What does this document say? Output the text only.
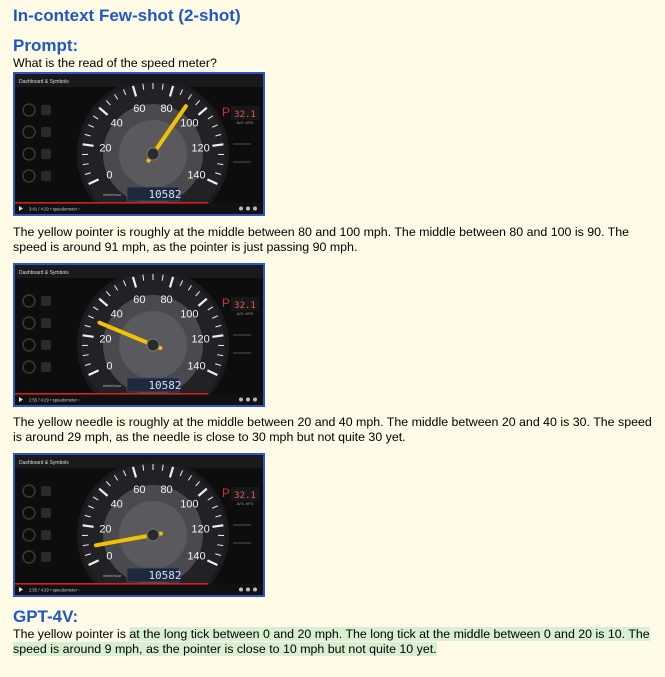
In-context Few-shot (2-shot)
Prompt:
What is the read of the speed meter?
Dashboard & Symbols
0
20
40
60 80
100
120
140
miles/hour 10582
P 32.1
AVG. MPG
3:41 / 4:29 • speedometer ›
The yellow pointer is roughly at the middle between 80 and 100 mph. The middle between 80 and 100 is 90. The speed is around 91 mph, as the pointer is just passing 90 mph.
Dashboard & Symbols
0
20
40
60 80
100
120
140
miles/hour 10582
P 32.1
AVG. MPG
2:55 / 4:29 • speedometer ›
The yellow needle is roughly at the middle between 20 and 40 mph. The middle between 20 and 40 is 30. The speed is around 29 mph, as the needle is close to 30 mph but not quite 30 yet.
Dashboard & Symbols
0
20
40
60 80
100
120
140
miles/hour 10582
P 32.1
AVG. MPG
2:55 / 4:29 • speedometer ›
GPT-4V:
The yellow pointer is at the long tick between 0 and 20 mph. The long tick at the middle between 0 and 20 is 10. The speed is around 9 mph, as the pointer is close to 10 mph but not quite 10 yet.
